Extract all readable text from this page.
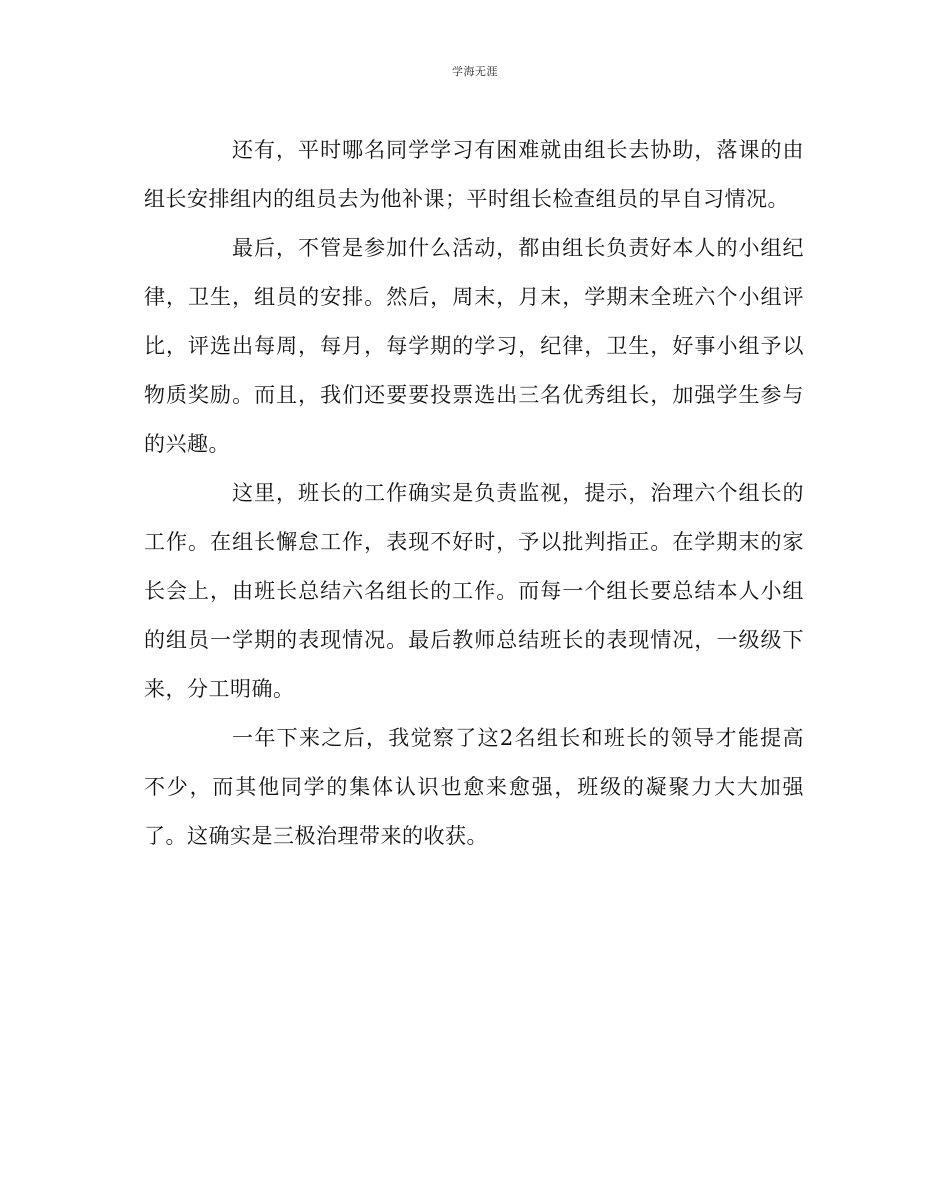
学海无涯

还有，平时哪名同学学习有困难就由组长去协助，落课的由组长安排组内的组员去为他补课；平时组长检查组员的早自习情况。

最后，不管是参加什么活动，都由组长负责好本人的小组纪律，卫生，组员的安排。然后，周末，月末，学期末全班六个小组评比，评选出每周，每月，每学期的学习，纪律，卫生，好事小组予以物质奖励。而且，我们还要要投票选出三名优秀组长，加强学生参与的兴趣。

这里，班长的工作确实是负责监视，提示，治理六个组长的工作。在组长懈怠工作，表现不好时，予以批判指正。在学期末的家长会上，由班长总结六名组长的工作。而每一个组长要总结本人小组的组员一学期的表现情况。最后教师总结班长的表现情况，一级级下来，分工明确。

一年下来之后，我觉察了这2名组长和班长的领导才能提高不少，而其他同学的集体认识也愈来愈强，班级的凝聚力大大加强了。这确实是三极治理带来的收获。
